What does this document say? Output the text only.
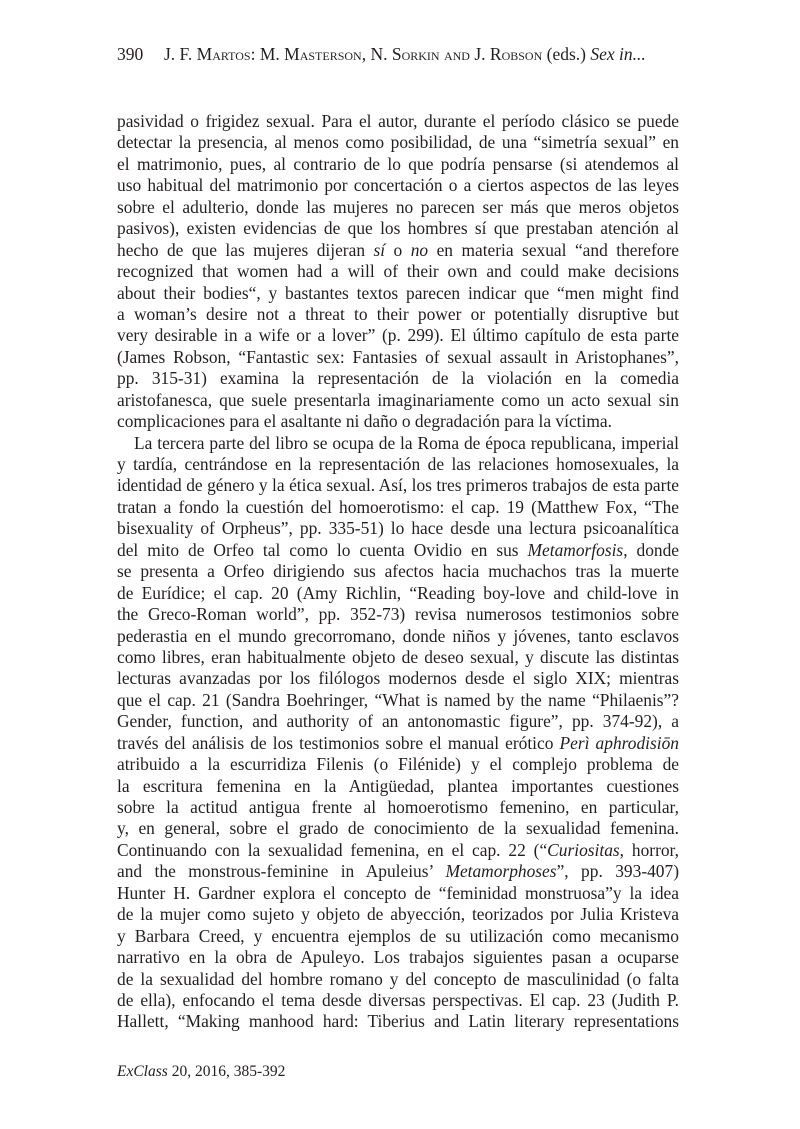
390 J. F. Martos: M. Masterson, N. Sorkin and J. Robson (eds.) Sex in...
pasividad o frigidez sexual. Para el autor, durante el período clásico se puede
detectar la presencia, al menos como posibilidad, de una “simetría sexual” en
el matrimonio, pues, al contrario de lo que podría pensarse (si atendemos al
uso habitual del matrimonio por concertación o a ciertos aspectos de las leyes
sobre el adulterio, donde las mujeres no parecen ser más que meros objetos
pasivos), existen evidencias de que los hombres sí que prestaban atención al
hecho de que las mujeres dijeran sí o no en materia sexual “and therefore
recognized that women had a will of their own and could make decisions
about their bodies“, y bastantes textos parecen indicar que “men might find
a woman’s desire not a threat to their power or potentially disruptive but
very desirable in a wife or a lover” (p. 299). El último capítulo de esta parte
(James Robson, “Fantastic sex: Fantasies of sexual assault in Aristophanes”,
pp. 315-31) examina la representación de la violación en la comedia
aristofanesca, que suele presentarla imaginariamente como un acto sexual sin
complicaciones para el asaltante ni daño o degradación para la víctima.
La tercera parte del libro se ocupa de la Roma de época republicana, imperial
y tardía, centrándose en la representación de las relaciones homosexuales, la
identidad de género y la ética sexual. Así, los tres primeros trabajos de esta parte
tratan a fondo la cuestión del homoerotismo: el cap. 19 (Matthew Fox, “The
bisexuality of Orpheus”, pp. 335-51) lo hace desde una lectura psicoanalítica
del mito de Orfeo tal como lo cuenta Ovidio en sus Metamorfosis, donde
se presenta a Orfeo dirigiendo sus afectos hacia muchachos tras la muerte
de Eurídice; el cap. 20 (Amy Richlin, “Reading boy-love and child-love in
the Greco-Roman world”, pp. 352-73) revisa numerosos testimonios sobre
pederastia en el mundo grecorromano, donde niños y jóvenes, tanto esclavos
como libres, eran habitualmente objeto de deseo sexual, y discute las distintas
lecturas avanzadas por los filólogos modernos desde el siglo XIX; mientras
que el cap. 21 (Sandra Boehringer, “What is named by the name “Philaenis”?
Gender, function, and authority of an antonomastic figure”, pp. 374-92), a
través del análisis de los testimonios sobre el manual erótico Perì aphrodisiōn
atribuido a la escurridiza Filenis (o Filénide) y el complejo problema de
la escritura femenina en la Antigüedad, plantea importantes cuestiones
sobre la actitud antigua frente al homoerotismo femenino, en particular,
y, en general, sobre el grado de conocimiento de la sexualidad femenina.
Continuando con la sexualidad femenina, en el cap. 22 (“Curiositas, horror,
and the monstrous-feminine in Apuleius’ Metamorphoses”, pp. 393-407)
Hunter H. Gardner explora el concepto de “feminidad monstruosa”y la idea
de la mujer como sujeto y objeto de abyección, teorizados por Julia Kristeva
y Barbara Creed, y encuentra ejemplos de su utilización como mecanismo
narrativo en la obra de Apuleyo. Los trabajos siguientes pasan a ocuparse
de la sexualidad del hombre romano y del concepto de masculinidad (o falta
de ella), enfocando el tema desde diversas perspectivas. El cap. 23 (Judith P.
Hallett, “Making manhood hard: Tiberius and Latin literary representations
ExClass 20, 2016, 385-392
